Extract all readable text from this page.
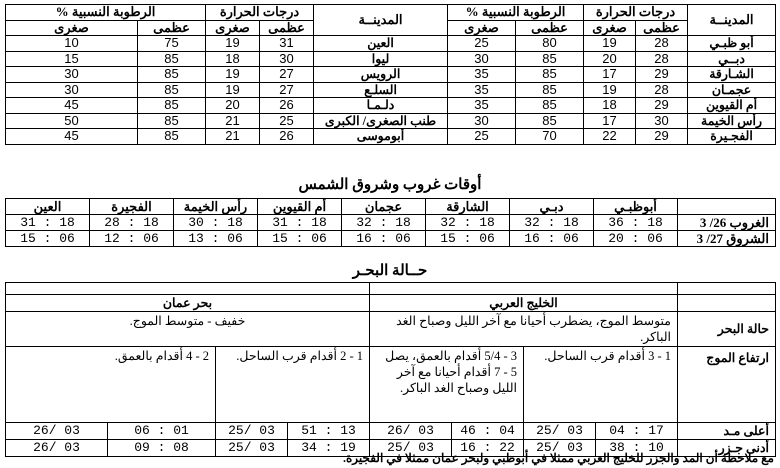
المدينــة	درجات الحرارة		الرطوبة النسبية %		المدينــة	درجات الحرارة		الرطوبة النسبية %	
	عظمى	صغرى	عظمى	صغرى		عظمى	صغرى	عظمى	صغرى
أبو ظبـي	28	19	80	25	العين	31	19	75	10
دبــي	28	20	85	30	ليوا	30	18	85	15
الشـارقة	29	17	85	35	الرويس	27	19	85	30
عجمـان	28	19	85	35	السلـع	27	19	85	30
أم القيوين	29	18	85	35	دلـمـا	26	20	85	45
رأس الخيمة	30	17	85	30	طنب الصغرى/ الكبرى	25	21	85	50
الفجـيرة	29	22	70	25	أبوموسى	26	21	85	45
أوقات غروب وشروق الشمس
	أبوظبـي	دبـي	الشارقة	عجمان	أم القيوين	رأس الخيمة	الفجيرة	العين
الغروب 26/ 3	18 : 36	18 : 32	18 : 32	18 : 32	18 : 31	18 : 30	18 : 28	18 : 31
الشروق 27/ 3	06 : 20	06 : 16	06 : 15	06 : 16	06 : 15	06 : 13	06 : 12	06 : 15
حــالة البحـر

	الخليج العربي				بحر عمان			
حالة البحر	متوسط الموج، يضطرب أحيانا مع آخر الليل وصباح الغد الباكر.				خفيف - متوسط الموج.			
ارتفاع الموج	1 - 3 أقدام قرب الساحل.		3 - 5/4 أقدام بالعمق، يصل 5 - 7 أقدام أحيانا مع آخر الليل وصباح الغد الباكر.		1 - 2 أقدام قرب الساحل.		2 - 4 أقدام بالعمق.	
أعلى مـد	17 : 04	03 /25	04 : 46	03 /26	13 : 51	03 /25	01 : 06	03 /26
أدنى جـزر	10 : 38	03 /25	22 : 16	03 /25	19 : 34	03 /25	08 : 09	03 /26
مع ملاحظة أن المد والجزر للخليج العربي ممثلا في أبوظبي ولبحر عمان ممثلا في الفجيرة.
